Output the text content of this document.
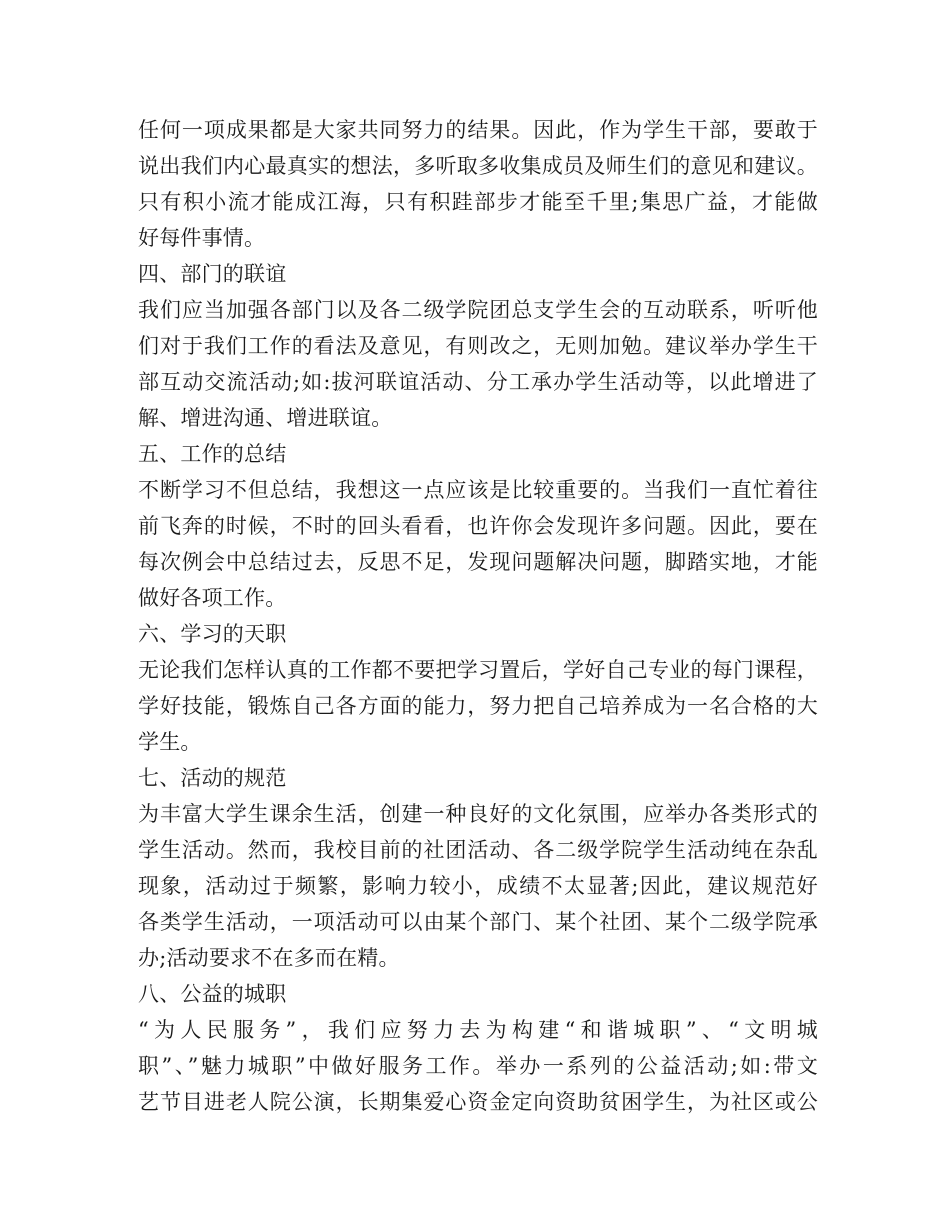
任何一项成果都是大家共同努力的结果。因此，作为学生干部，要敢于
说出我们内心最真实的想法，多听取多收集成员及师生们的意见和建议。
只有积小流才能成江海，只有积跬部步才能至千里;集思广益，才能做
好每件事情。
四、部门的联谊
我们应当加强各部门以及各二级学院团总支学生会的互动联系，听听他
们对于我们工作的看法及意见，有则改之，无则加勉。建议举办学生干
部互动交流活动;如:拔河联谊活动、分工承办学生活动等，以此增进了
解、增进沟通、增进联谊。
五、工作的总结
不断学习不但总结，我想这一点应该是比较重要的。当我们一直忙着往
前飞奔的时候，不时的回头看看，也许你会发现许多问题。因此，要在
每次例会中总结过去，反思不足，发现问题解决问题，脚踏实地，才能
做好各项工作。
六、学习的天职
无论我们怎样认真的工作都不要把学习置后，学好自己专业的每门课程，
学好技能，锻炼自己各方面的能力，努力把自己培养成为一名合格的大
学生。
七、活动的规范
为丰富大学生课余生活，创建一种良好的文化氛围，应举办各类形式的
学生活动。然而，我校目前的社团活动、各二级学院学生活动纯在杂乱
现象，活动过于频繁，影响力较小，成绩不太显著;因此，建议规范好
各类学生活动，一项活动可以由某个部门、某个社团、某个二级学院承
办;活动要求不在多而在精。
八、公益的城职
“为人民服务”，我们应努力去为构建“和谐城职”、“文明城
职”、”魅力城职”中做好服务工作。举办一系列的公益活动;如:带文
艺节目进老人院公演，长期集爱心资金定向资助贫困学生，为社区或公
